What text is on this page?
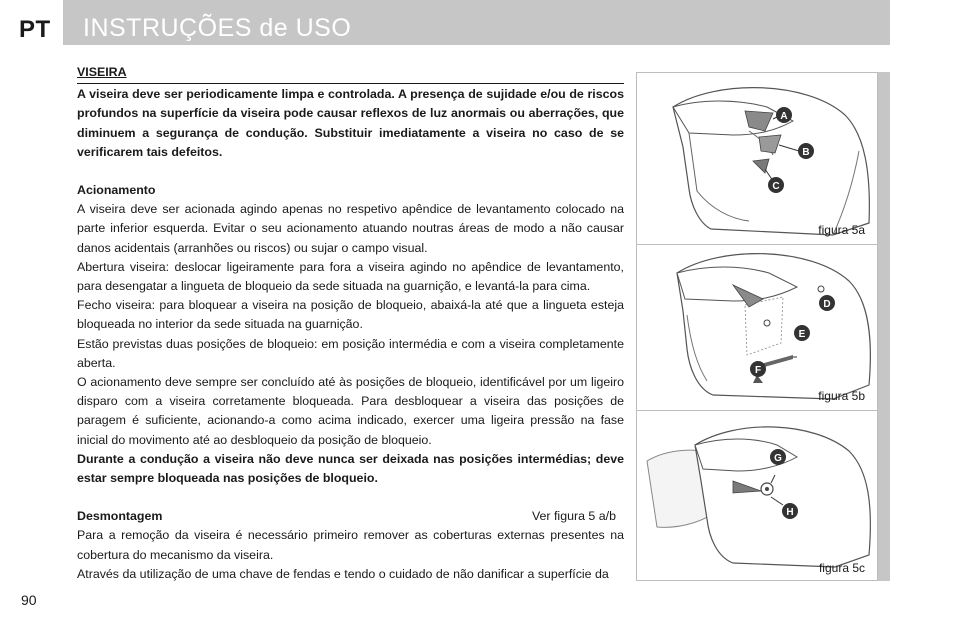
PT INSTRUÇÕES de USO
VISEIRA

A viseira deve ser periodicamente limpa e controlada. A presença de sujidade e/ou de riscos profundos na superfície da viseira pode causar reflexos de luz anormais ou aberrações, que diminuem a segurança de condução. Substituir imediatamente a viseira no caso de se verificarem tais defeitos.

Acionamento

A viseira deve ser acionada agindo apenas no respetivo apêndice de levantamento colocado na parte inferior esquerda. Evitar o seu acionamento atuando noutras áreas de modo a não causar danos acidentais (arranhões ou riscos) ou sujar o campo visual.

Abertura viseira: deslocar ligeiramente para fora a viseira agindo no apêndice de levantamento, para desengatar a lingueta de bloqueio da sede situada na guarnição, e levantá-la para cima.

Fecho viseira: para bloquear a viseira na posição de bloqueio, abaixá-la até que a lingueta esteja bloqueada no interior da sede situada na guarnição.

Estão previstas duas posições de bloqueio: em posição intermédia e com a viseira completamente aberta.

O acionamento deve sempre ser concluído até às posições de bloqueio, identificável por um ligeiro disparo com a viseira corretamente bloqueada. Para desbloquear a viseira das posições de paragem é suficiente, acionando-a como acima indicado, exercer uma ligeira pressão na fase inicial do movimento até ao desbloqueio da posição de bloqueio.

Durante a condução a viseira não deve nunca ser deixada nas posições intermédias; deve estar sempre bloqueada nas posições de bloqueio.

Desmontagem	Ver figura 5 a/b

Para a remoção da viseira é necessário primeiro remover as coberturas externas presentes na cobertura do mecanismo da viseira.

Através da utilização de uma chave de fendas e tendo o cuidado de não danificar a superfície da

90
A
B
C
figura 5a
D
E
F
figura 5b
G
H
figura 5c
